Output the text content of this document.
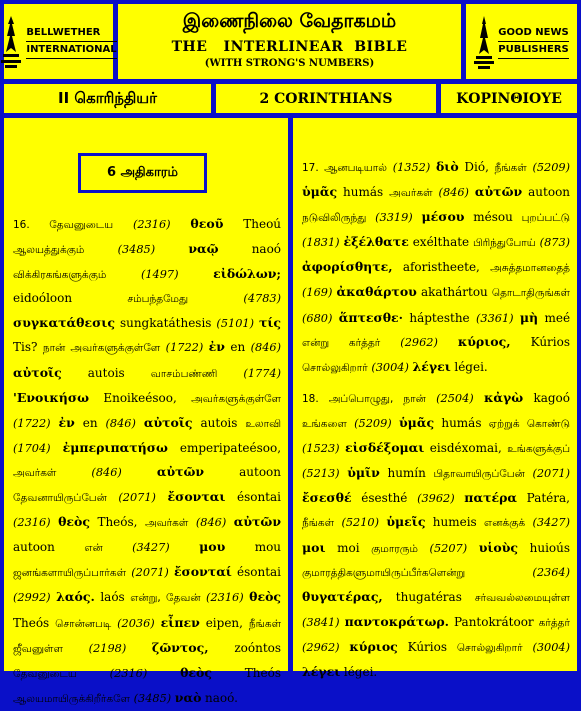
BELLWETHER
INTERNATIONAL
இணைநிலை வேதாகமம்
THE   INTERLINEAR  BIBLE
(WITH STRONG'S NUMBERS)
GOOD NEWS
PUBLISHERS
II கொரிந்தியர்	2 CORINTHIANS	ΚΟΡΙΝΘΙΟΥΕ
6 அதிகாரம்
16. தேவனுடைய (2316) θεοῦ Theoú ஆலயத்துக்கும்	(3485)	ναῷ	naoó விக்கிரகங்களுக்கும்	(1497)	εἰδώλων; eidoóloon	சம்பந்தமேது	(4783) συγκατάθεσις sungkatáthesis (5101) τίς Tis? நான் அவர்களுக்குள்ளே (1722) ἐν en (846) αὐτοῖς autois வாசம்பண்ணி (1774) 'Ενοικήσω Enoikeésoo, அவர்களுக்குள்ளே (1722) ἐν en (846) αὐτοῖς autois உலாவி (1704) ἐμπεριπατήσω emperipateésoo, அவர்கள்	(846)	αὐτῶν	autoon தேவனாயிருப்பேன் (2071) ἔσονται ésontai (2316) θεὸς Theós, அவர்கள் (846) αὐτῶν autoon	என்	(3427) μου mou ஜனங்களாயிருப்பார்கள் (2071) ἔσονταί ésontai (2992) λαός. laós என்று, தேவன் (2316) θεὸς Theós சொன்னபடி (2036) εἶπεν eipen, நீங்கள் ஜீவனுள்ள (2198) ζῶντος, zoóntos தேவனுடைய	(2316)	θεὸς	Theós ஆலயமாயிருக்கிறீர்களே (3485) ναὸ naoó.
17. ஆனபடியால் (1352) διὸ Dió, நீங்கள் (5209) ὑμᾶς humás அவர்கள் (846) αὐτῶν autoon நடுவிலிருந்து (3319) μέσου mésou புறப்பட்டு (1831) ἐξέλθατε exélthate பிரிந்துபோய் (873) ἀφορίσθητε, aforistheete, அசுத்தமானதைத் (169) ἀκαθάρτου akathártou தொடாதிருங்கள் (680) ἅπτεσθε· háptesthe (3361) μὴ meé என்று கர்த்தர் (2962) κύριος, Kúrios சொல்லுகிறார் (3004) λέγει légei.
18. அப்பொழுது, நான் (2504) κἀγὼ kagoó உங்களை (5209) ὑμᾶς humás ஏற்றுக் கொண்டு (1523) εἰσδέξομαι eisdéxomai, உங்களுக்குப் (5213) ὑμῖν humín பிதாவாயிருப்பேன் (2071) ἔσεσθέ ésesthé (3962) πατέρα Patéra, நீங்கள் (5210) ὑμεῖς humeis எனக்குக் (3427) μοι moi குமாரரும் (5207) υἱοὺς huioús குமாரத்திகளுமாயிருப்பீர்களென்று	(2364) θυγατέρας, thugatéras சர்வவல்லமையுள்ள (3841) παντοκράτωρ. Pantokrátoor கர்த்தர் (2962) κύριος Kúrios சொல்லுகிறார் (3004) λέγει légei.
